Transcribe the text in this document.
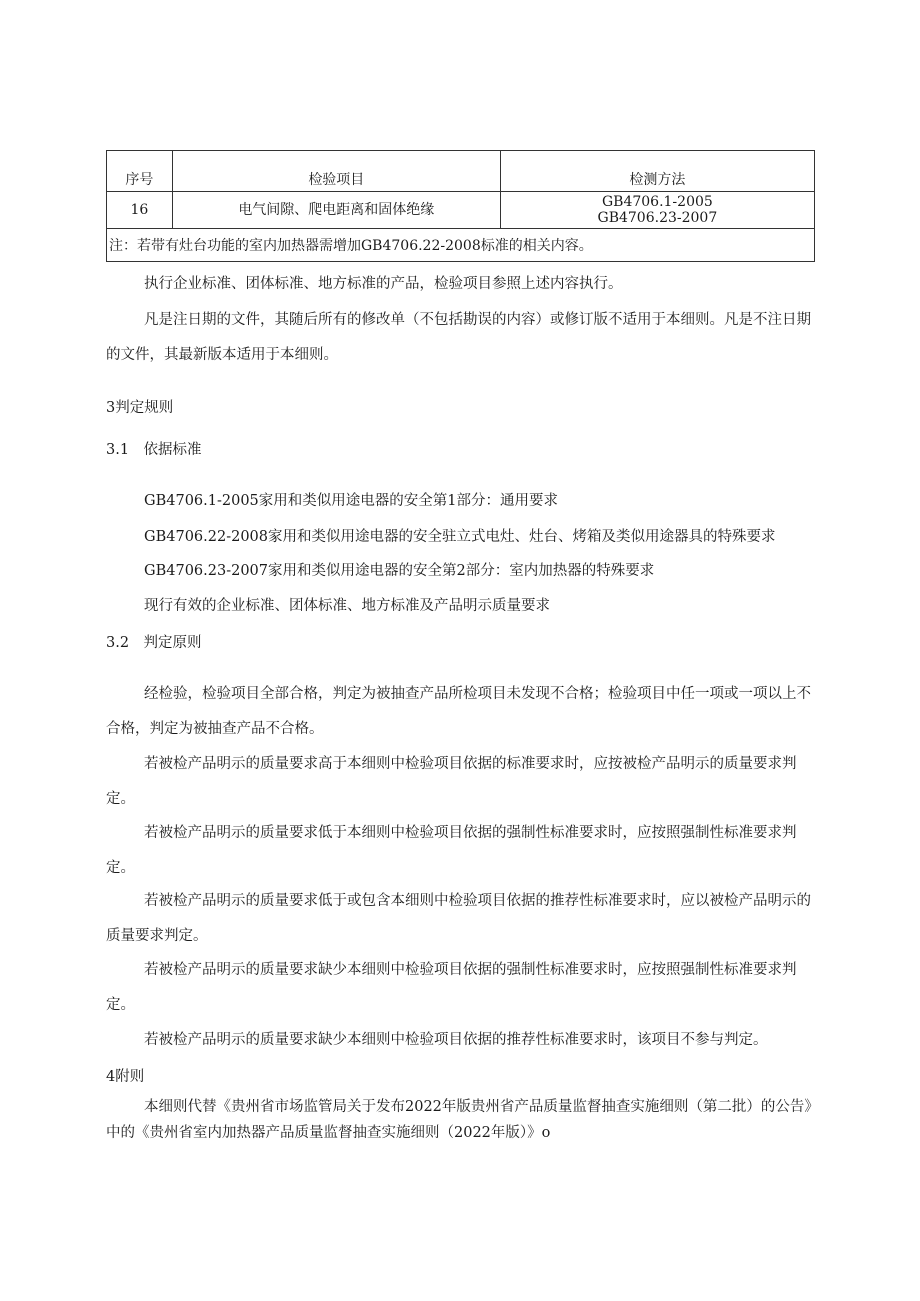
序号	检验项目	检测方法
16	电气间隙、爬电距离和固体绝缘	GB4706.1-2005
GB4706.23-2007

注：若带有灶台功能的室内加热器需增加GB4706.22-2008标准的相关内容。		

执行企业标准、团体标准、地方标准的产品，检验项目参照上述内容执行。

凡是注日期的文件，其随后所有的修改单（不包括勘误的内容）或修订版不适用于本细则。凡是不注日期的文件，其最新版本适用于本细则。

3判定规则

3.1　依据标准

GB4706.1-2005家用和类似用途电器的安全第1部分：通用要求

GB4706.22-2008家用和类似用途电器的安全驻立式电灶、灶台、烤箱及类似用途器具的特殊要求

GB4706.23-2007家用和类似用途电器的安全第2部分：室内加热器的特殊要求

现行有效的企业标准、团体标准、地方标准及产品明示质量要求

3.2　判定原则

经检验，检验项目全部合格，判定为被抽查产品所检项目未发现不合格；检验项目中任一项或一项以上不合格，判定为被抽查产品不合格。

若被检产品明示的质量要求高于本细则中检验项目依据的标准要求时，应按被检产品明示的质量要求判定。

若被检产品明示的质量要求低于本细则中检验项目依据的强制性标准要求时，应按照强制性标准要求判定。

若被检产品明示的质量要求低于或包含本细则中检验项目依据的推荐性标准要求时，应以被检产品明示的质量要求判定。

若被检产品明示的质量要求缺少本细则中检验项目依据的强制性标准要求时，应按照强制性标准要求判定。

若被检产品明示的质量要求缺少本细则中检验项目依据的推荐性标准要求时，该项目不参与判定。

4附则

本细则代替《贵州省市场监管局关于发布2022年版贵州省产品质量监督抽查实施细则（第二批）的公告》中的《贵州省室内加热器产品质量监督抽查实施细则（2022年版）》o
